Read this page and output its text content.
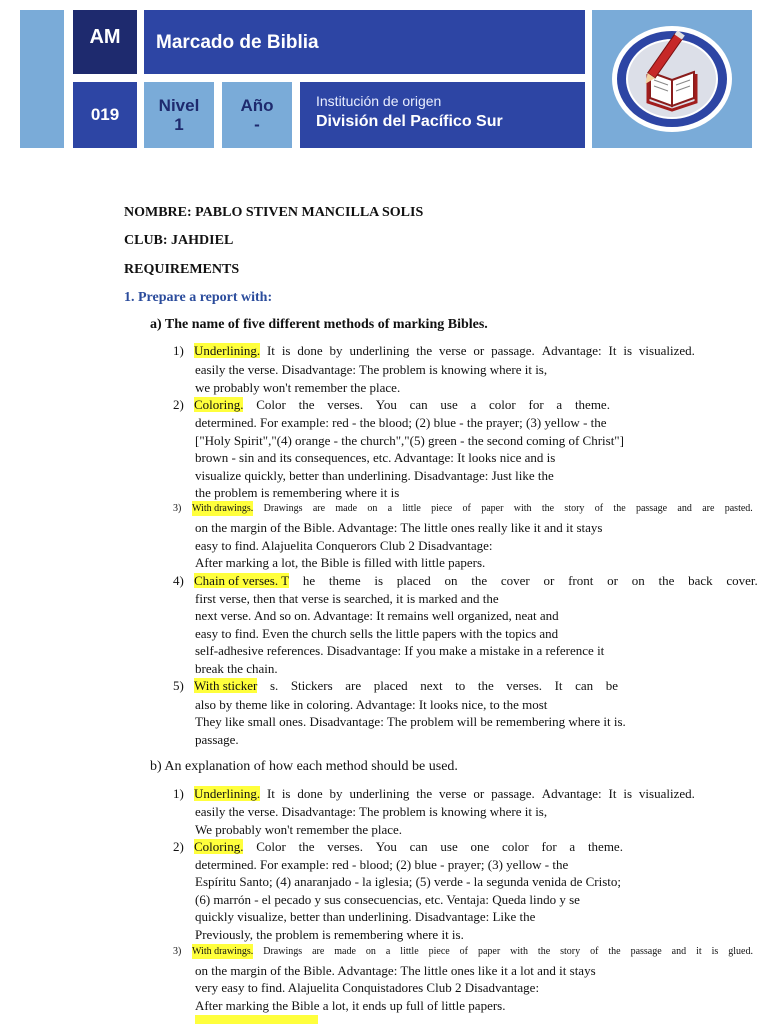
AM	Marcado de Biblia
019 Nivel
1
Año
-
Institución de origen
División del Pacífico Sur
NOMBRE: PABLO STIVEN MANCILLA SOLIS
CLUB: JAHDIEL
REQUIREMENTS
1. Prepare a report with:
a) The name of five different methods of marking Bibles.
1) Underlining. It is done by underlining the verse or passage. Advantage: It is visualized.
easily the verse. Disadvantage: The problem is knowing where it is,
we probably won't remember the place.
2) Coloring. Color the verses. You can use a color for a theme.
determined. For example: red - the blood; (2) blue - the prayer; (3) yellow - the
["Holy Spirit","(4) orange - the church","(5) green - the second coming of Christ"]
brown - sin and its consequences, etc. Advantage: It looks nice and is
visualize quickly, better than underlining. Disadvantage: Just like the
the problem is remembering where it is
3) With drawings. Drawings are made on a little piece of paper with the story of the passage and are pasted.
on the margin of the Bible. Advantage: The little ones really like it and it stays
easy to find. Alajuelita Conquerors Club 2 Disadvantage:
After marking a lot, the Bible is filled with little papers.
4) Chain of verses. T he theme is placed on the cover or front or on the back cover.
first verse, then that verse is searched, it is marked and the
next verse. And so on. Advantage: It remains well organized, neat and
easy to find. Even the church sells the little papers with the topics and
self-adhesive references. Disadvantage: If you make a mistake in a reference it
break the chain.
5) With sticker s. Stickers are placed next to the verses. It can be
also by theme like in coloring. Advantage: It looks nice, to the most
They like small ones. Disadvantage: The problem will be remembering where it is.
passage.
b) An explanation of how each method should be used.
1) Underlining. It is done by underlining the verse or passage. Advantage: It is visualized.
easily the verse. Disadvantage: The problem is knowing where it is,
We probably won't remember the place.
2) Coloring. Color the verses. You can use one color for a theme.
determined. For example: red - blood; (2) blue - prayer; (3) yellow - the
Espíritu Santo; (4) anaranjado - la iglesia; (5) verde - la segunda venida de Cristo;
(6) marrón - el pecado y sus consecuencias, etc. Ventaja: Queda lindo y se
quickly visualize, better than underlining. Disadvantage: Like the
Previously, the problem is remembering where it is.
3) With drawings. Drawings are made on a little piece of paper with the story of the passage and it is glued.
on the margin of the Bible. Advantage: The little ones like it a lot and it stays
very easy to find. Alajuelita Conquistadores Club 2 Disadvantage:
After marking the Bible a lot, it ends up full of little papers.
